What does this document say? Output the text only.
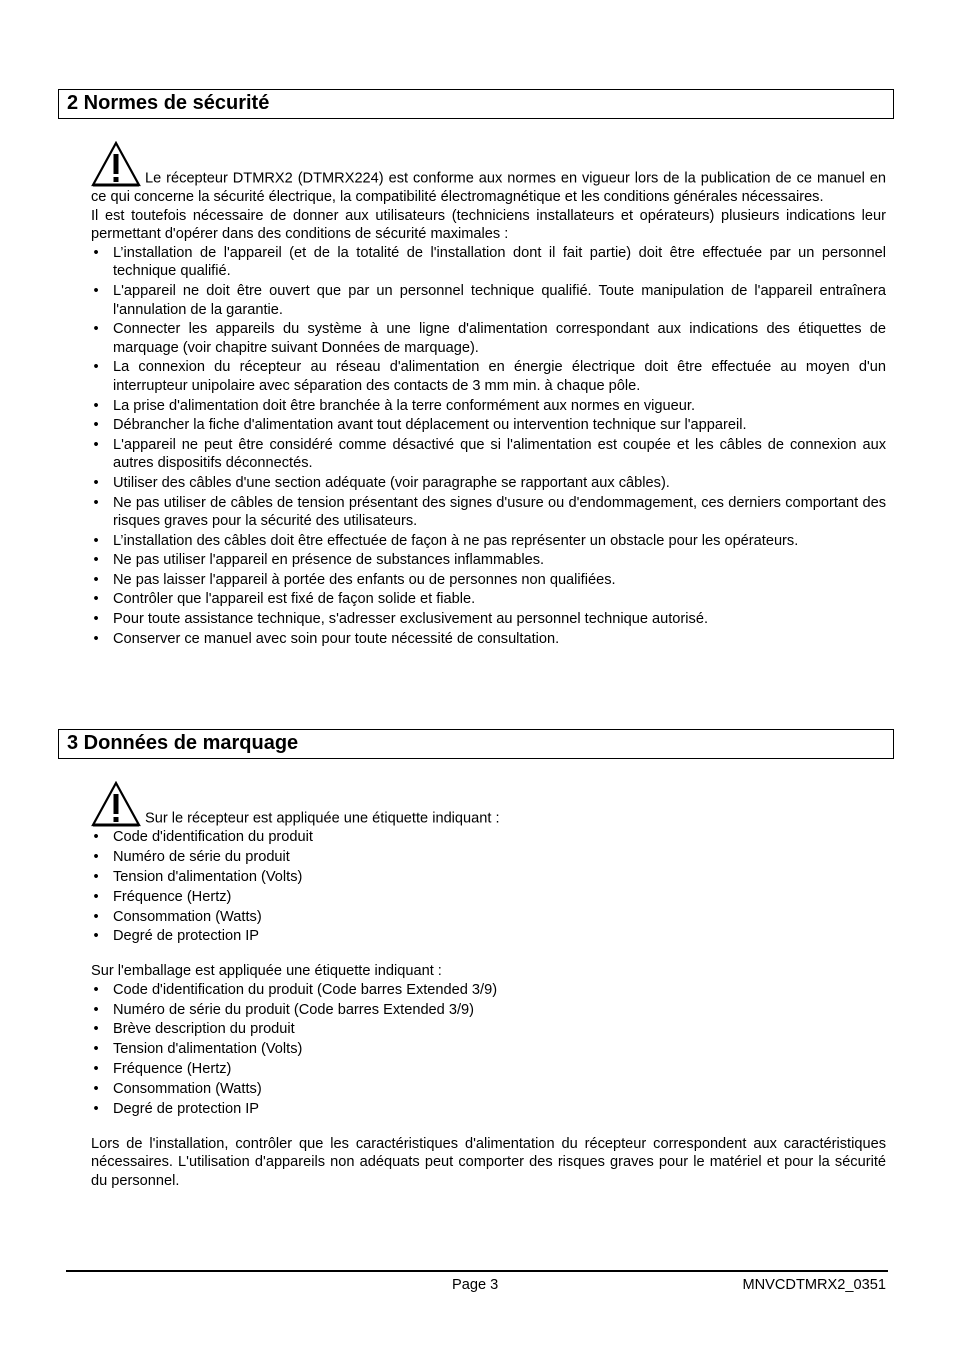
2 Normes de sécurité

Le récepteur DTMRX2 (DTMRX224) est conforme aux normes en vigueur lors de la publication de ce manuel en ce qui concerne la sécurité électrique, la compatibilité électromagnétique et les conditions générales nécessaires.

Il est toutefois nécessaire de donner aux utilisateurs (techniciens installateurs et opérateurs) plusieurs indications leur permettant d'opérer dans des conditions de sécurité maximales :

• L’installation de l'appareil (et de la totalité de l'installation dont il fait partie) doit être effectuée par un personnel technique qualifié.
• L'appareil ne doit être ouvert que par un personnel technique qualifié. Toute manipulation de l'appareil entraînera l'annulation de la garantie.
• Connecter les appareils du système à une ligne d'alimentation correspondant aux indications des étiquettes de marquage (voir chapitre suivant Données de marquage).
• La connexion du récepteur au réseau d'alimentation en énergie électrique doit être effectuée au moyen d'un interrupteur unipolaire avec séparation des contacts de 3 mm min. à chaque pôle.
• La prise d'alimentation doit être branchée à la terre conformément aux normes en vigueur.
• Débrancher la fiche d'alimentation avant tout déplacement ou intervention technique sur l'appareil.
• L'appareil ne peut être considéré comme désactivé que si l'alimentation est coupée et les câbles de connexion aux autres dispositifs déconnectés.
• Utiliser des câbles d'une section adéquate (voir paragraphe se rapportant aux câbles).
• Ne pas utiliser de câbles de tension présentant des signes d'usure ou d'endommagement, ces derniers comportant des risques graves pour la sécurité des utilisateurs.
• L’installation des câbles doit être effectuée de façon à ne pas représenter un obstacle pour les opérateurs.
• Ne pas utiliser l'appareil en présence de substances inflammables.
• Ne pas laisser l'appareil à portée des enfants ou de personnes non qualifiées.
• Contrôler que l'appareil est fixé de façon solide et fiable.
• Pour toute assistance technique, s'adresser exclusivement au personnel technique autorisé.
• Conserver ce manuel avec soin pour toute nécessité de consultation.
3 Données de marquage

Sur le récepteur est appliquée une étiquette indiquant :

• Code d'identification du produit
• Numéro de série du produit
• Tension d'alimentation (Volts)
• Fréquence (Hertz)
• Consommation (Watts)
• Degré de protection IP

Sur l'emballage est appliquée une étiquette indiquant :

• Code d'identification du produit (Code barres Extended 3/9)
• Numéro de série du produit (Code barres Extended 3/9)
• Brève description du produit
• Tension d'alimentation (Volts)
• Fréquence (Hertz)
• Consommation (Watts)
• Degré de protection IP

Lors de l'installation, contrôler que les caractéristiques d'alimentation du récepteur correspondent aux caractéristiques nécessaires. L'utilisation d'appareils non adéquats peut comporter des risques graves pour le matériel et pour la sécurité du personnel.

Page 3	MNVCDTMRX2_0351
